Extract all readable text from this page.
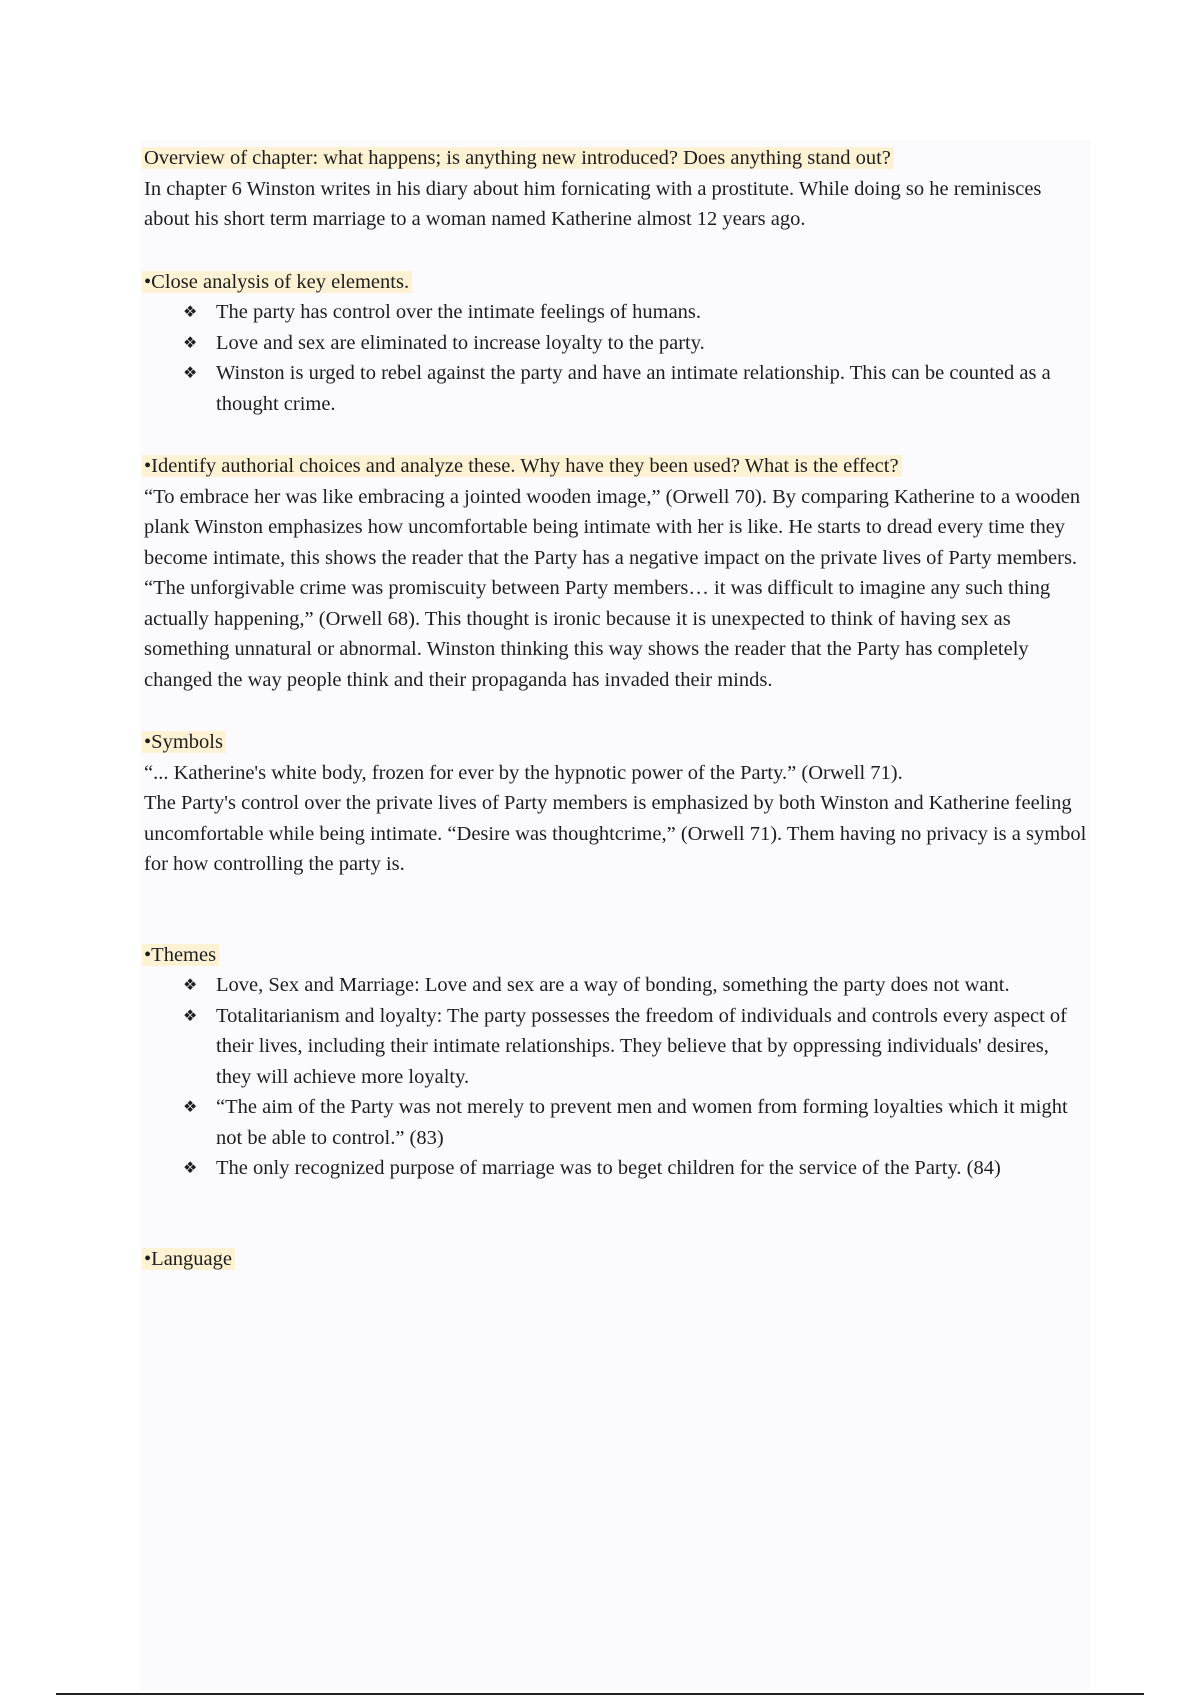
Overview of chapter: what happens; is anything new introduced? Does anything stand out?

In chapter 6 Winston writes in his diary about him fornicating with a prostitute. While doing so he reminisces about his short term marriage to a woman named Katherine almost 12 years ago.

•Close analysis of key elements.

❖ The party has control over the intimate feelings of humans.
❖ Love and sex are eliminated to increase loyalty to the party.
❖ Winston is urged to rebel against the party and have an intimate relationship. This can be counted as a thought crime.

•Identify authorial choices and analyze these. Why have they been used? What is the effect?

“To embrace her was like embracing a jointed wooden image,” (Orwell 70). By comparing Katherine to a wooden plank Winston emphasizes how uncomfortable being intimate with her is like. He starts to dread every time they become intimate, this shows the reader that the Party has a negative impact on the private lives of Party members.

“The unforgivable crime was promiscuity between Party members… it was difficult to imagine any such thing actually happening,” (Orwell 68). This thought is ironic because it is unexpected to think of having sex as something unnatural or abnormal. Winston thinking this way shows the reader that the Party has completely changed the way people think and their propaganda has invaded their minds.

•Symbols

“... Katherine's white body, frozen for ever by the hypnotic power of the Party.” (Orwell 71).

The Party's control over the private lives of Party members is emphasized by both Winston and Katherine feeling uncomfortable while being intimate. “Desire was thoughtcrime,” (Orwell 71). Them having no privacy is a symbol for how controlling the party is.

•Themes

❖ Love, Sex and Marriage: Love and sex are a way of bonding, something the party does not want.
❖ Totalitarianism and loyalty: The party possesses the freedom of individuals and controls every aspect of their lives, including their intimate relationships. They believe that by oppressing individuals' desires, they will achieve more loyalty.
❖ “The aim of the Party was not merely to prevent men and women from forming loyalties which it might not be able to control.” (83)
❖ The only recognized purpose of marriage was to beget children for the service of the Party. (84)

•Language
